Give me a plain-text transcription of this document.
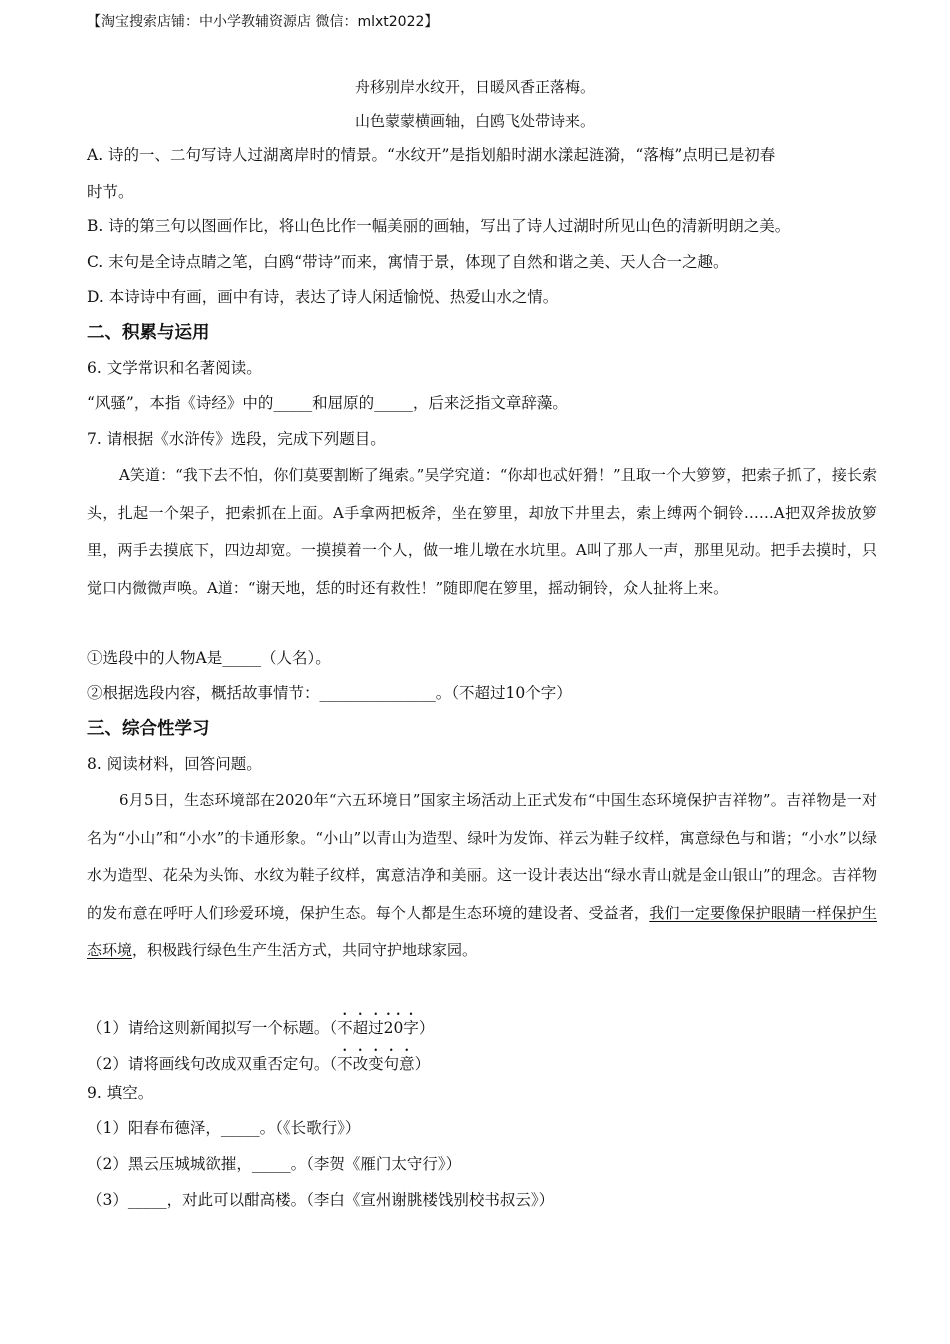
【淘宝搜索店铺：中小学教辅资源店 微信：mlxt2022】
舟移别岸水纹开，日暖风香正落梅。
山色蒙蒙横画轴，白鸥飞处带诗来。
A. 诗的一、二句写诗人过湖离岸时的情景。“水纹开”是指划船时湖水漾起涟漪，“落梅”点明已是初春
时节。
B. 诗的第三句以图画作比，将山色比作一幅美丽的画轴，写出了诗人过湖时所见山色的清新明朗之美。
C. 末句是全诗点睛之笔，白鸥“带诗”而来，寓情于景，体现了自然和谐之美、天人合一之趣。
D. 本诗诗中有画，画中有诗，表达了诗人闲适愉悦、热爱山水之情。
二、积累与运用
6. 文学常识和名著阅读。
“风骚”，本指《诗经》中的_____和屈原的_____，后来泛指文章辞藻。
7. 请根据《水浒传》选段，完成下列题目。
A笑道：“我下去不怕，你们莫要割断了绳索。”吴学究道：“你却也忒奸猾！”且取一个大箩箩，把索子抓了，接长索头，扎起一个架子，把索抓在上面。A手拿两把板斧，坐在箩里，却放下井里去，索上缚两个铜铃……A把双斧拔放箩里，两手去摸底下，四边却宽。一摸摸着一个人，做一堆儿墩在水坑里。A叫了那人一声，那里见动。把手去摸时，只觉口内微微声唤。A道：“谢天地，恁的时还有救性！”随即爬在箩里，摇动铜铃，众人扯将上来。
①选段中的人物A是_____（人名）。
②根据选段内容，概括故事情节：_______________。（不超过10个字）
三、综合性学习
8. 阅读材料，回答问题。
6月5日，生态环境部在2020年“六五环境日”国家主场活动上正式发布“中国生态环境保护吉祥物”。吉祥物是一对名为“小山”和“小水”的卡通形象。“小山”以青山为造型、绿叶为发饰、祥云为鞋子纹样，寓意绿色与和谐；“小水”以绿水为造型、花朵为头饰、水纹为鞋子纹样，寓意洁净和美丽。这一设计表达出“绿水青山就是金山银山”的理念。吉祥物的发布意在呼吁人们珍爱环境，保护生态。每个人都是生态环境的建设者、受益者，我们一定要像保护眼睛一样保护生态环境，积极践行绿色生产生活方式，共同守护地球家园。
（1）请给这则新闻拟写一个标题。（不超过20字）
（2）请将画线句改成双重否定句。（不改变句意）
9. 填空。
（1）阳春布德泽，_____。（《长歌行》）
（2）黑云压城城欲摧，_____。（李贺《雁门太守行》）
（3）_____，对此可以酣高楼。（李白《宣州谢朓楼饯别校书叔云》）
